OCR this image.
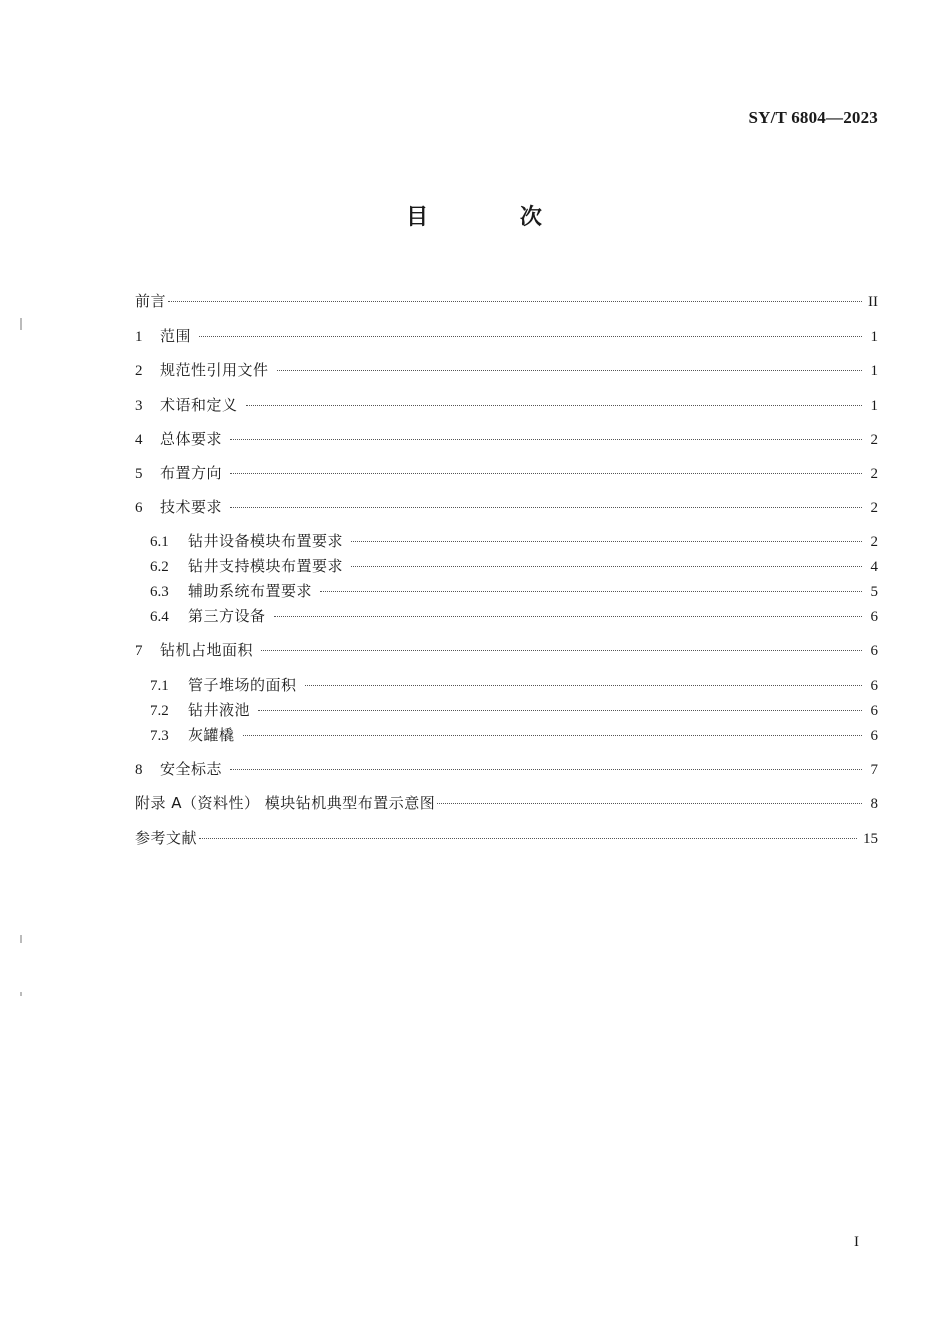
SY/T 6804—2023
目 次
前言	II
1	范围	1
2	规范性引用文件	1
3	术语和定义	1
4	总体要求	2
5	布置方向	2
6	技术要求	2
6.1	钻井设备模块布置要求	2
6.2	钻井支持模块布置要求	4
6.3	辅助系统布置要求	5
6.4	第三方设备	6
7	钻机占地面积	6
7.1	管子堆场的面积	6
7.2	钻井液池	6
7.3	灰罐橇	6
8	安全标志	7
附录 A（资料性） 模块钻机典型布置示意图	8
参考文献	15
I
